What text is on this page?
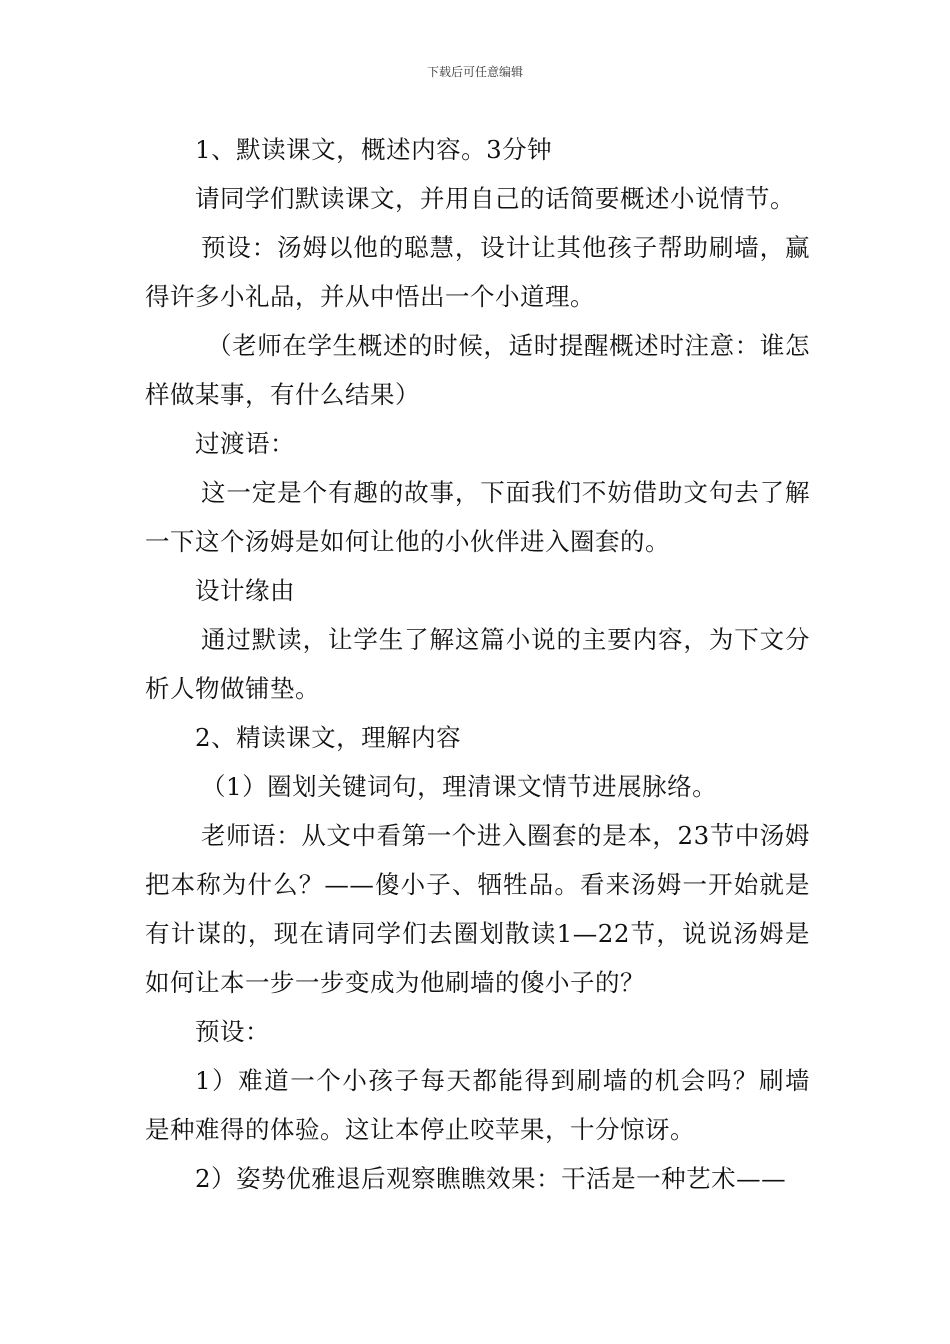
下载后可任意编辑

1、默读课文，概述内容。3分钟

请同学们默读课文，并用自己的话简要概述小说情节。

预设：汤姆以他的聪慧，设计让其他孩子帮助刷墙，赢得许多小礼品，并从中悟出一个小道理。

（老师在学生概述的时候，适时提醒概述时注意：谁怎样做某事，有什么结果）

过渡语：

这一定是个有趣的故事，下面我们不妨借助文句去了解一下这个汤姆是如何让他的小伙伴进入圈套的。

设计缘由

通过默读，让学生了解这篇小说的主要内容，为下文分析人物做铺垫。

2、精读课文，理解内容

（1）圈划关键词句，理清课文情节进展脉络。

老师语：从文中看第一个进入圈套的是本，23节中汤姆把本称为什么？——傻小子、牺牲品。看来汤姆一开始就是有计谋的，现在请同学们去圈划散读1—22节，说说汤姆是如何让本一步一步变成为他刷墙的傻小子的？

预设：

1）难道一个小孩子每天都能得到刷墙的机会吗？刷墙是种难得的体验。这让本停止咬苹果，十分惊讶。

2）姿势优雅退后观察瞧瞧效果：干活是一种艺术——
